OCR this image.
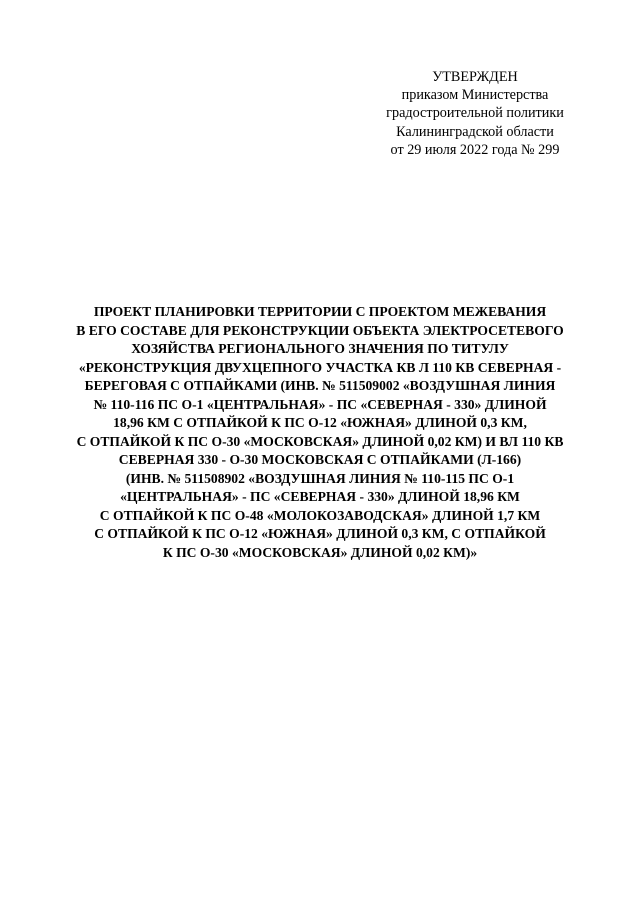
УТВЕРЖДЕН
приказом Министерства
градостроительной политики
Калининградской области
от 29 июля 2022 года № 299
ПРОЕКТ ПЛАНИРОВКИ ТЕРРИТОРИИ С ПРОЕКТОМ МЕЖЕВАНИЯ
В ЕГО СОСТАВЕ ДЛЯ РЕКОНСТРУКЦИИ ОБЪЕКТА ЭЛЕКТРОСЕТЕВОГО
ХОЗЯЙСТВА РЕГИОНАЛЬНОГО ЗНАЧЕНИЯ ПО ТИТУЛУ
«РЕКОНСТРУКЦИЯ ДВУХЦЕПНОГО УЧАСТКА КВ Л 110 КВ СЕВЕРНАЯ -
БЕРЕГОВАЯ С ОТПАЙКАМИ (ИНВ. № 511509002 «ВОЗДУШНАЯ ЛИНИЯ
№ 110-116 ПС О-1 «ЦЕНТРАЛЬНАЯ» - ПС «СЕВЕРНАЯ - 330» ДЛИНОЙ
18,96 КМ С ОТПАЙКОЙ К ПС О-12 «ЮЖНАЯ» ДЛИНОЙ 0,3 КМ,
С ОТПАЙКОЙ К ПС О-30 «МОСКОВСКАЯ» ДЛИНОЙ 0,02 КМ) И ВЛ 110 КВ
СЕВЕРНАЯ 330 - О-30 МОСКОВСКАЯ С ОТПАЙКАМИ (Л-166)
(ИНВ. № 511508902 «ВОЗДУШНАЯ ЛИНИЯ № 110-115 ПС О-1
«ЦЕНТРАЛЬНАЯ» - ПС «СЕВЕРНАЯ - 330» ДЛИНОЙ 18,96 КМ
С ОТПАЙКОЙ К ПС О-48 «МОЛОКОЗАВОДСКАЯ» ДЛИНОЙ 1,7 КМ
С ОТПАЙКОЙ К ПС О-12 «ЮЖНАЯ» ДЛИНОЙ 0,3 КМ, С ОТПАЙКОЙ
К ПС О-30 «МОСКОВСКАЯ» ДЛИНОЙ 0,02 КМ)»
